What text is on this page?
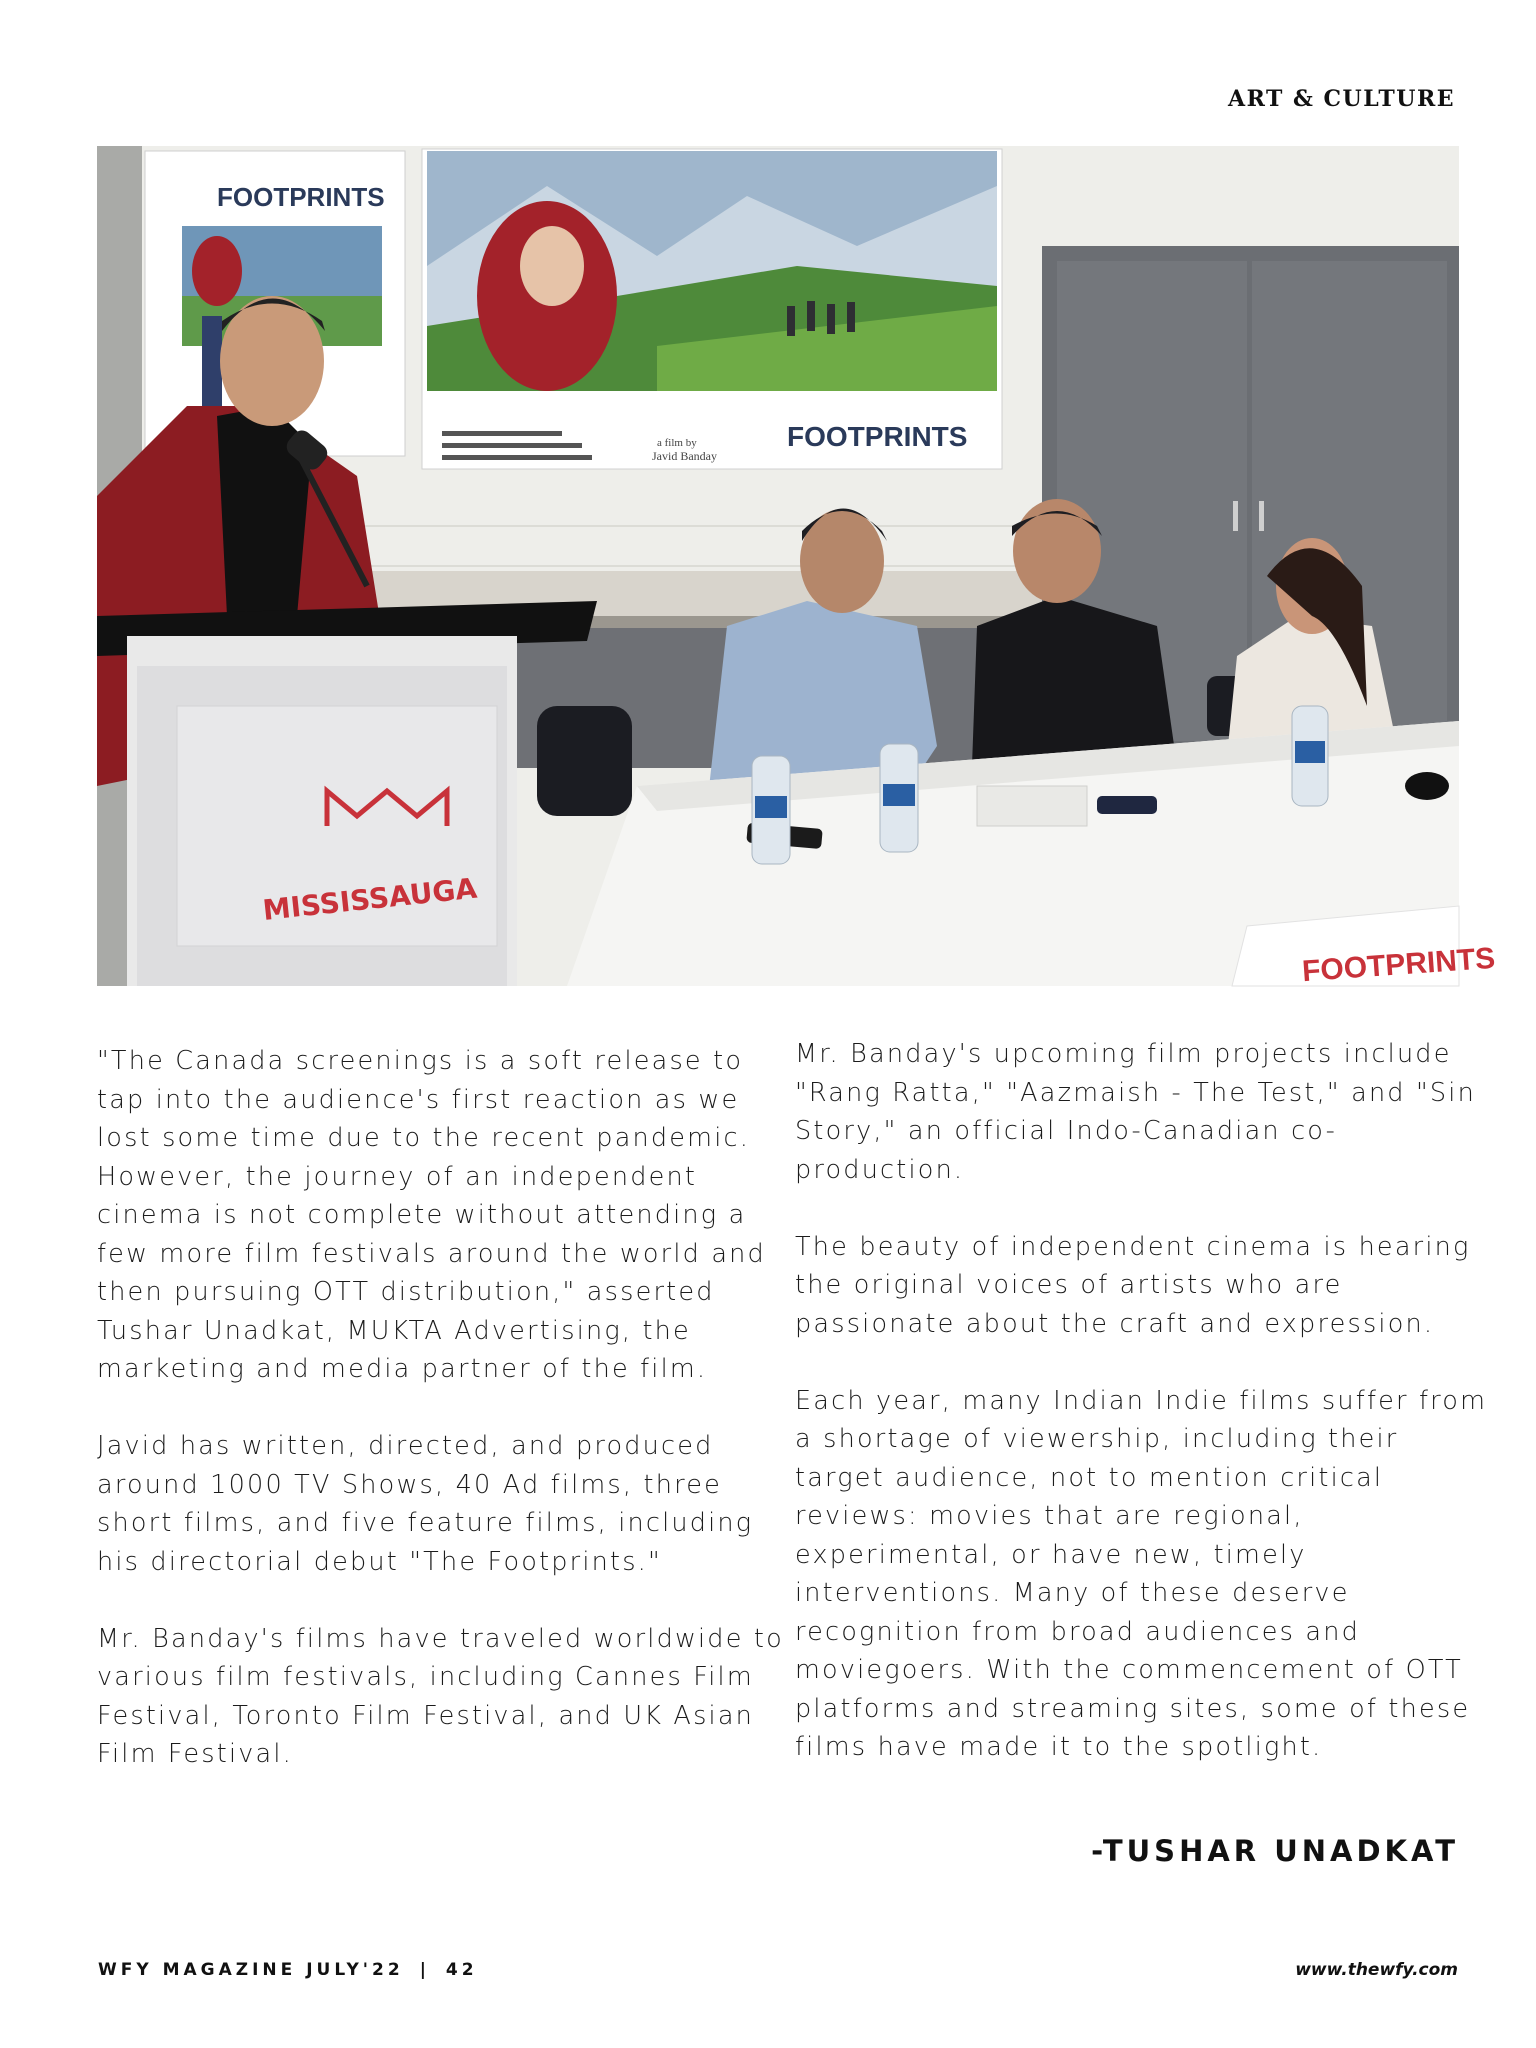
ART & CULTURE
FOOTPRINTS
FOOTPRINTS
a film by
Javid Banday
MISSISSAUGA
FOOTPRINTS

"The Canada screenings is a soft release to tap into the audience's first reaction as we lost some time due to the recent pandemic. However, the journey of an independent cinema is not complete without attending a few more film festivals around the world and then pursuing OTT distribution," asserted Tushar Unadkat, MUKTA Advertising, the marketing and media partner of the film.

Javid has written, directed, and produced around 1000 TV Shows, 40 Ad films, three short films, and five feature films, including his directorial debut "The Footprints."

Mr. Banday's films have traveled worldwide to various film festivals, including Cannes Film Festival, Toronto Film Festival, and UK Asian Film Festival.

Mr. Banday's upcoming film projects include "Rang Ratta," "Aazmaish - The Test," and "Sin Story," an official Indo-Canadian co-production.

The beauty of independent cinema is hearing the original voices of artists who are passionate about the craft and expression.

Each year, many Indian Indie films suffer from a shortage of viewership, including their target audience, not to mention critical reviews: movies that are regional, experimental, or have new, timely interventions. Many of these deserve recognition from broad audiences and moviegoers. With the commencement of OTT platforms and streaming sites, some of these films have made it to the spotlight.

-TUSHAR UNADKAT
WFY MAGAZINE JULY'22 | 42	www.thewfy.com
